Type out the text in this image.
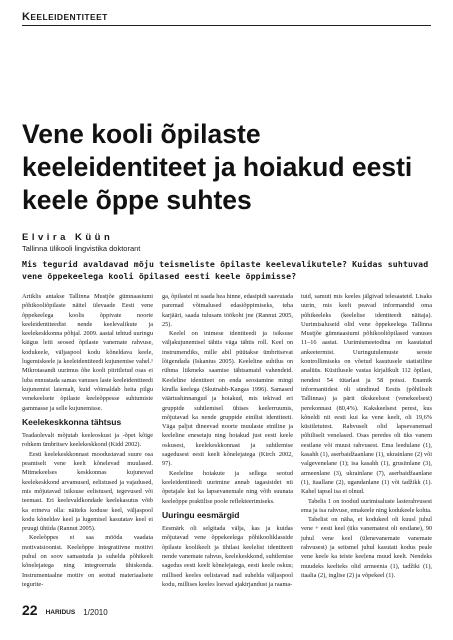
KEELEIDENTITEET
Vene kooli õpilaste keeleidentiteet ja hoiakud eesti keele õppe suhtes
Elvira Küün
Tallinna ülikooli lingvistika doktorant
Mis tegurid avaldavad mõju teismeliste õpilaste keelevalikutele? Kuidas suhtuvad vene õppekeelega kooli õpilased eesti keele õppimisse?

Artiklis antakse Tallinna Mustjõe gümnaasiumi põhikooliõpilaste näitel ülevaade Eesti vene õppekeelega koolis õppivate noorte keeleidentiteedist nende keelevalikute ja keelekeskkonna põhjal. 2009. aastal tehtud uuringu käigus leiti seosed õpilaste vanemate rahvuse, kodukeele, väljaspool kodu kõneldava keele, lugemiskeele ja keeleidentiteedi kujunemise vahel.¹ Mikrotasandi uurimus õhe kooli piiritletud osas ei luba ennustada samas vanuses laste keeleidentiteedi kujunemist laiemalt, kuid võimaldab heita pilgu venekeelsete õpilaste keeleõppesse suhtumiste gammasse ja selle kujunemisse.

Keelekeskkonna tähtsus

Teadaolevalt mõjutab keeleoskust ja -õpet kõige rohkem ümbritsev keelekeskkond (Kidd 2002).

Eesti keelekeskkonnast moodustavad suure osa peamiselt vene keelt kõnelevad muulased. Mitmekeelses keskkonnas kujunevad keelekeskkond arvamused, eelistused ja vajadused, mis mõjutavad isiksuse eelistused, tegevused või teemast. Eri keelevaldkondade keelekasutus võib ka erineva olla: näiteks koduse keel, väljaspool kodu kõneldav keel ja lugemisel kasutatav keel ei pruugi ühtida (Rannut 2005).

Keeleõppes ei saa mööda vaadata motivatsioonist. Keeleõppe integratiivne motiivi puhul on soov samastuda ja suhelda põhikeelt kõnelejatega ning integreeruda ühiskonda. Instrumentaalne motiiv on seotud materiaalsete tegurite-

ga, õpilastel nt saada hea hinne, edasipidi saavutada paremad võimalused edasiõppimiseks, teha karjääri, saada tulusam töökoht jne (Rannut 2005, 25).

Keelel on inimese identiteedi ja isiksuse väljakujunemisel tähtis väga tähtis roll. Keel on instrumendiks, mille abil püütakse ümbritsevat lõigendada (Iskanius 2005). Keeleline suhtlus on rühma liikmeks saamise tähtsamaid vahendeid. Keeleline identiteet on enda seostamine mingi kindla keelega (Skutnabb-Kangas 1996). Samased väärtushinnangud ja hoiakud, mis tekivad eri gruppide suhtlemisel ühises keelerruumis, mõjutavad ka nende gruppide etnilist identiteeti. Väga paljut dineevad noorte muulaste etniline ja keeleline enesetaju ning hoiakud just eesti keele oskusest, keelekeskkonnast ja suhtlemise sagedusest eesti keelt kõnelejatega (Kirch 2002, 97).

Keeleline hoiakute ja sellega seotud keeleidentiteedi uurimine annab tagasisidet nii õpetajale kui ka lapsevanemale ning võib suunata keeleõppe praktilise poole reflekteerimiseks.

Uuringu eesmärgid

Eesmärk oli selgitada välja, kas ja kuidas mõjutavad vene õppekeelega põhikooliklasside õpilaste koolikeelt ja ühtlasi keelelist identiteeti nende vanemate rahvus, keelekeskkond, suhtlemise sagedus eesti keelt kõnelejatega, eesti keele oskus; millised keeles eelistavad nad suhelda väljaspool kodu, millises keeles loevad ajakirjandust ja raama-

tuid, samuti mis keeles jälgivad telesaateid. Lisaks uurin, mis keelt peavad informandid oma põhikeeleks (keelelise identiteedi näitaja). Uurimisaluseid olid vene õppekeelega Tallinna Mustjõe gümnaasiumi põhikooliõpilased vanuses 11–16 aastat. Uurimismeetodina on kasutatud ankeetermist. Uuringutulemuste seoste kontrollimiseks on võetud kasutusele statistiline analüüs. Küsitlusele vastas kirjalikult 112 õpilast, nendest 54 tütarlast ja 58 poissi. Enamik informantidest oli sündinud Eestis (põhiliselt Tallinnas) ja pärit ükskeelsest (venekeelsest) perekonnast (80,4%). Kakskeelsest perest, kus kõneldi nii eesti kui ka vene keelt, oli 19,6% küsitletutest. Rahvuselt olid lapsevanemad põhiliselt venelased. Osas peredes oli üks vanem eestlane või muust rahvusest. Ema leedulane (1), kasahh (1), aserbaidžaanlane (1), ukrainlane (2) või valgevenelane (1); isa kasahh (1), grusiinlane (3), armeenlane (3), ukrainlane (7), aserbaidžaanlane (1), itaallane (2), ugandanlane (1) või tadžikk (1). Kahel tapsel isa ei olnud.

Tabelis 1 on toodud uurimisaluste lasterahvusest ema ja isa rahvuse, emakeele ning kodukeele kohta.

Tabelist on näha, et kodukeel oli kuusl juhul vene + eesti keel (üks vanematest oli eestlane), 90 juhul vene keel (ülenevanemate vanemate rahvusest) ja seitsmel juhul kasutati kodus peale vene keele ka teiste keelena muud keelt. Nendeks muudeks keelteks olid armeenia (1), tadžiki (1), itaalia (2), inglise (2) ja võpekeel (1).

22 HARIDUS 1/2010
